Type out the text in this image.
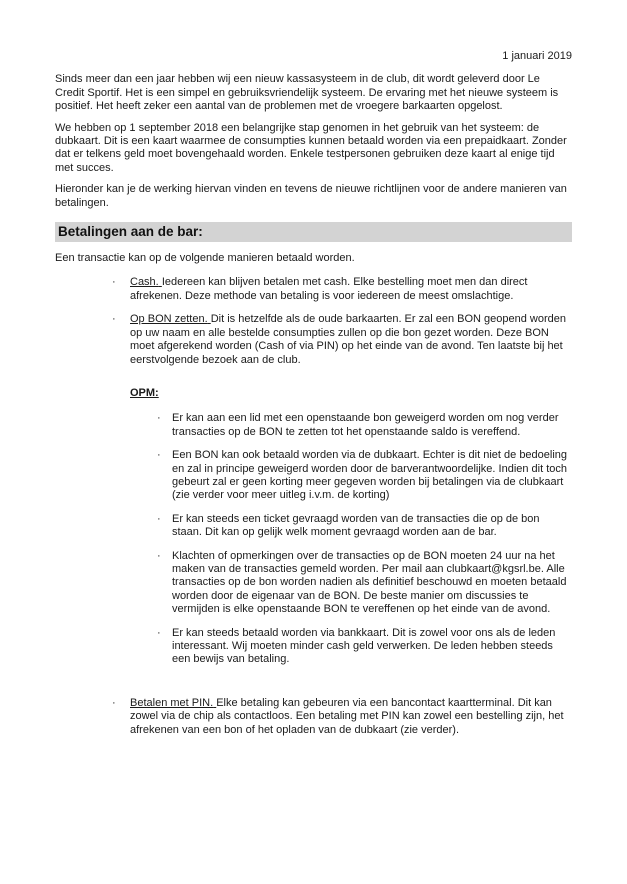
1 januari 2019

Sinds meer dan een jaar hebben wij een nieuw kassasysteem in de club, dit wordt geleverd door Le Credit Sportif. Het is een simpel en gebruiksvriendelijk systeem. De ervaring met het nieuwe systeem is positief. Het heeft zeker een aantal van de problemen met de vroegere barkaarten opgelost.

We hebben op 1 september 2018 een belangrijke stap genomen in het gebruik van het systeem: de dubkaart. Dit is een kaart waarmee de consumpties kunnen betaald worden via een prepaidkaart. Zonder dat er telkens geld moet bovengehaald worden. Enkele testpersonen gebruiken deze kaart al enige tijd met succes.

Hieronder kan je de werking hiervan vinden en tevens de nieuwe richtlijnen voor de andere manieren van betalingen.

Betalingen aan de bar:

Een transactie kan op de volgende manieren betaald worden.

·	Cash. Iedereen kan blijven betalen met cash. Elke bestelling moet men dan direct afrekenen. Deze methode van betaling is voor iedereen de meest omslachtige.
·	Op BON zetten. Dit is hetzelfde als de oude barkaarten. Er zal een BON geopend worden op uw naam en alle bestelde consumpties zullen op die bon gezet worden. Deze BON moet afgerekend worden (Cash of via PIN) op het einde van de avond. Ten laatste bij het eerstvolgende bezoek aan de club.
OPM:
·	Er kan aan een lid met een openstaande bon geweigerd worden om nog verder transacties op de BON te zetten tot het openstaande saldo is vereffend.
·	Een BON kan ook betaald worden via de dubkaart. Echter is dit niet de bedoeling en zal in principe geweigerd worden door de barverantwoordelijke. Indien dit toch gebeurt zal er geen korting meer gegeven worden bij betalingen via de clubkaart (zie verder voor meer uitleg i.v.m. de korting)
·	Er kan steeds een ticket gevraagd worden van de transacties die op de bon staan. Dit kan op gelijk welk moment gevraagd worden aan de bar.
·	Klachten of opmerkingen over de transacties op de BON moeten 24 uur na het maken van de transacties gemeld worden. Per mail aan clubkaart@kgsrl.be. Alle transacties op de bon worden nadien als definitief beschouwd en moeten betaald worden door de eigenaar van de BON. De beste manier om discussies te vermijden is elke openstaande BON te vereffenen op het einde van de avond.
·	Er kan steeds betaald worden via bankkaart. Dit is zowel voor ons als de leden interessant. Wij moeten minder cash geld verwerken. De leden hebben steeds een bewijs van betaling.
·	Betalen met PIN. Elke betaling kan gebeuren via een bancontact kaartterminal. Dit kan zowel via de chip als contactloos. Een betaling met PIN kan zowel een bestelling zijn, het afrekenen van een bon of het opladen van de dubkaart (zie verder).
